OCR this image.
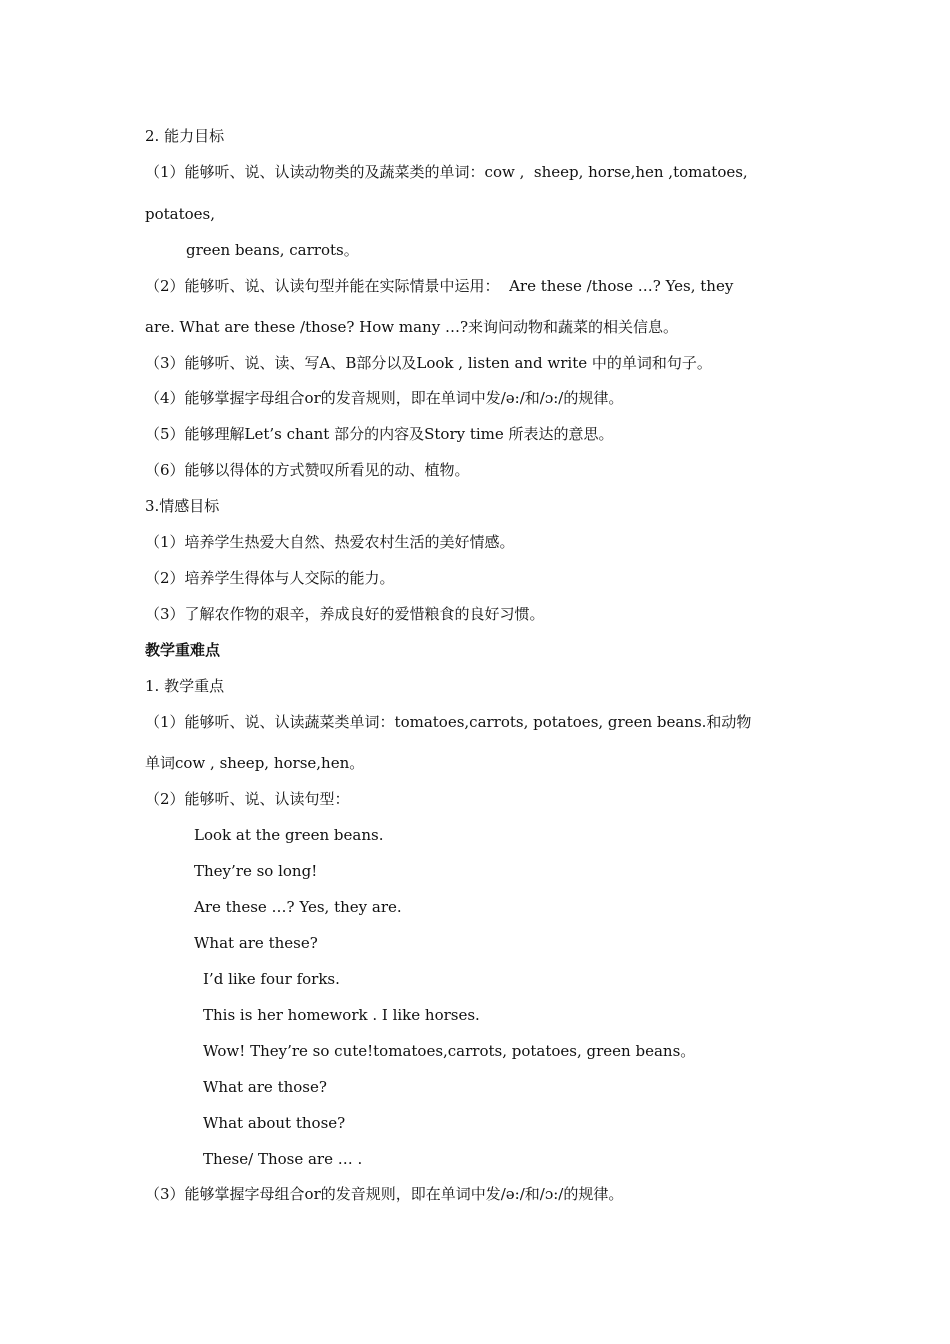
2. 能力目标
（1）能够听、说、认读动物类的及蔬菜类的单词：cow ,  sheep, horse,hen ,tomatoes,
potatoes,
green beans, carrots。
（2）能够听、说、认读句型并能在实际情景中运用：  Are these /those …? Yes, they
are. What are these /those? How many …?来询问动物和蔬菜的相关信息。
（3）能够听、说、读、写A、B部分以及Look , listen and write 中的单词和句子。
（4）能够掌握字母组合or的发音规则，即在单词中发/ə:/和/ɔ:/的规律。
（5）能够理解Let’s chant 部分的内容及Story time 所表达的意思。
（6）能够以得体的方式赞叹所看见的动、植物。
3.情感目标
（1）培养学生热爱大自然、热爱农村生活的美好情感。
（2）培养学生得体与人交际的能力。
（3）了解农作物的艰辛，养成良好的爱惜粮食的良好习惯。
教学重难点
1. 教学重点
（1）能够听、说、认读蔬菜类单词：tomatoes,carrots, potatoes, green beans.和动物
单词cow , sheep, horse,hen。
（2）能够听、说、认读句型：
Look at the green beans.
They’re so long!
Are these …? Yes, they are.
What are these?
I’d like four forks.
This is her homework . I like horses.
Wow! They’re so cute!tomatoes,carrots, potatoes, green beans。
What are those?
What about those?
These/ Those are … .
（3）能够掌握字母组合or的发音规则，即在单词中发/ə:/和/ɔ:/的规律。
